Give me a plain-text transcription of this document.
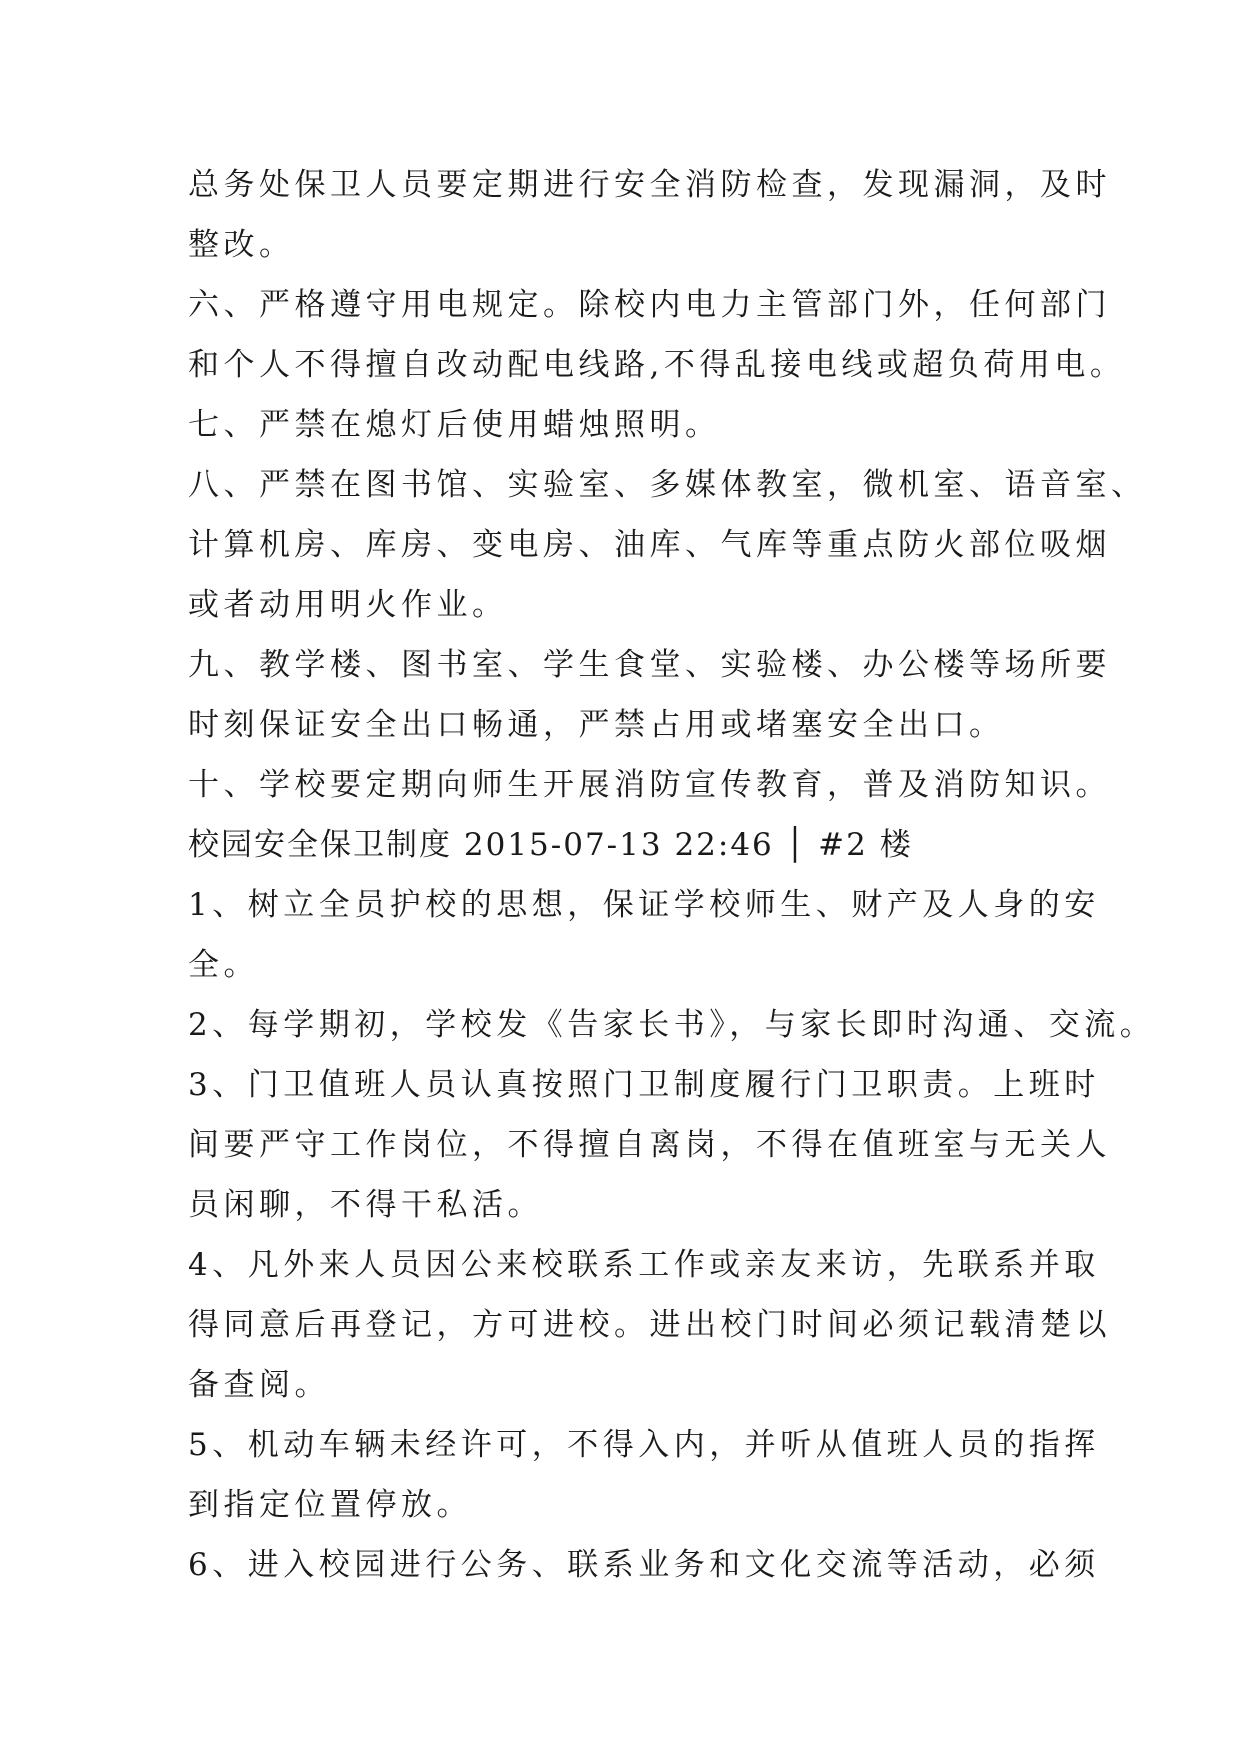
总务处保卫人员要定期进行安全消防检查，发现漏洞，及时
整改。
六、严格遵守用电规定。除校内电力主管部门外，任何部门
和个人不得擅自改动配电线路,不得乱接电线或超负荷用电。
七、严禁在熄灯后使用蜡烛照明。
八、严禁在图书馆、实验室、多媒体教室，微机室、语音室、
计算机房、库房、变电房、油库、气库等重点防火部位吸烟
或者动用明火作业。
九、教学楼、图书室、学生食堂、实验楼、办公楼等场所要
时刻保证安全出口畅通，严禁占用或堵塞安全出口。
十、学校要定期向师生开展消防宣传教育，普及消防知识。
校园安全保卫制度 2015-07-13 22:46 │ #2 楼
1、树立全员护校的思想，保证学校师生、财产及人身的安
全。
2、每学期初，学校发《告家长书》，与家长即时沟通、交流。
3、门卫值班人员认真按照门卫制度履行门卫职责。上班时
间要严守工作岗位，不得擅自离岗，不得在值班室与无关人
员闲聊，不得干私活。
4、凡外来人员因公来校联系工作或亲友来访，先联系并取
得同意后再登记，方可进校。进出校门时间必须记载清楚以
备查阅。
5、机动车辆未经许可，不得入内，并听从值班人员的指挥
到指定位置停放。
6、进入校园进行公务、联系业务和文化交流等活动，必须
